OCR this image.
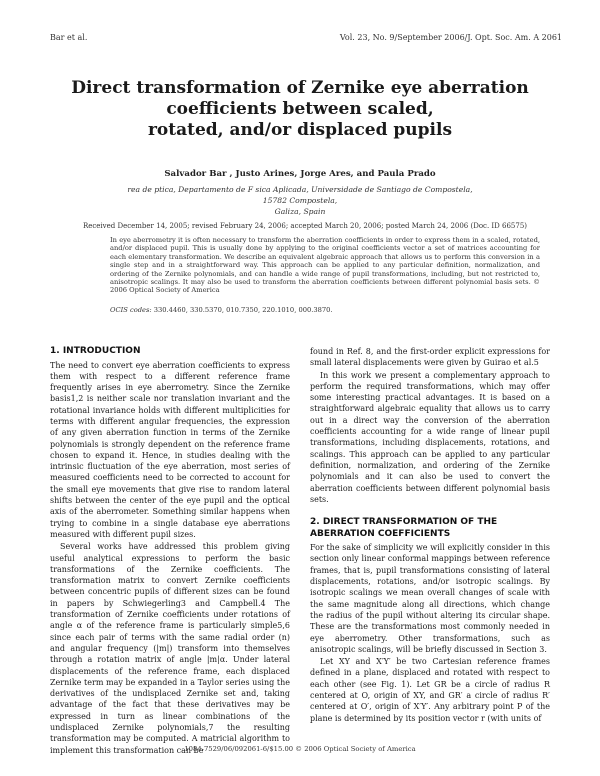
Bar et al.	Vol. 23, No. 9/September 2006/J. Opt. Soc. Am. A 2061
Direct transformation of Zernike eye aberration
coefficients between scaled,
rotated, and/or displaced pupils
Salvador Bar , Justo Arines, Jorge Ares, and Paula Prado
rea de ptica, Departamento de F sica Aplicada, Universidade de Santiago de Compostela, 15782 Compostela,
Galiza, Spain
Received December 14, 2005; revised February 24, 2006; accepted March 20, 2006; posted March 24, 2006 (Doc. ID 66575)
In eye aberrometry it is often necessary to transform the aberration coefficients in order to express them in a scaled, rotated, and/or displaced pupil. This is usually done by applying to the original coefficients vector a set of matrices accounting for each elementary transformation. We describe an equivalent algebraic approach that allows us to perform this conversion in a single step and in a straightforward way. This approach can be applied to any particular definition, normalization, and ordering of the Zernike polynomials, and can handle a wide range of pupil transformations, including, but not restricted to, anisotropic scalings. It may also be used to transform the aberration coefficients between different polynomial basis sets. © 2006 Optical Society of America
OCIS codes: 330.4460, 330.5370, 010.7350, 220.1010, 000.3870.
1. INTRODUCTION

The need to convert eye aberration coefficients to express them with respect to a different reference frame frequently arises in eye aberrometry. Since the Zernike basis1,2 is neither scale nor translation invariant and the rotational invariance holds with different multiplicities for terms with different angular frequencies, the expression of any given aberration function in terms of the Zernike polynomials is strongly dependent on the reference frame chosen to expand it. Hence, in studies dealing with the intrinsic fluctuation of the eye aberration, most series of measured coefficients need to be corrected to account for the small eye movements that give rise to random lateral shifts between the center of the eye pupil and the optical axis of the aberrometer. Something similar happens when trying to combine in a single database eye aberrations measured with different pupil sizes.

Several works have addressed this problem giving useful analytical expressions to perform the basic transformations of the Zernike coefficients. The transformation matrix to convert Zernike coefficients between concentric pupils of different sizes can be found in papers by Schwiegerling3 and Campbell.4 The transformation of Zernike coefficients under rotations of angle α of the reference frame is particularly simple5,6 since each pair of terms with the same radial order (n) and angular frequency (|m|) transform into themselves through a rotation matrix of angle |m|α. Under lateral displacements of the reference frame, each displaced Zernike term may be expanded in a Taylor series using the derivatives of the undisplaced Zernike set and, taking advantage of the fact that these derivatives may be expressed in turn as linear combinations of the undisplaced Zernike polynomials,7 the resulting transformation may be computed. A matricial algorithm to implement this transformation can be

found in Ref. 8, and the first-order explicit expressions for small lateral displacements were given by Guirao et al.5

In this work we present a complementary approach to perform the required transformations, which may offer some interesting practical advantages. It is based on a straightforward algebraic equality that allows us to carry out in a direct way the conversion of the aberration coefficients accounting for a wide range of linear pupil transformations, including displacements, rotations, and scalings. This approach can be applied to any particular definition, normalization, and ordering of the Zernike polynomials and it can also be used to convert the aberration coefficients between different polynomial basis sets.

2. DIRECT TRANSFORMATION OF THE
ABERRATION COEFFICIENTS

For the sake of simplicity we will explicitly consider in this section only linear conformal mappings between reference frames, that is, pupil transformations consisting of lateral displacements, rotations, and/or isotropic scalings. By isotropic scalings we mean overall changes of scale with the same magnitude along all directions, which change the radius of the pupil without altering its circular shape. These are the transformations most commonly needed in eye aberrometry. Other transformations, such as anisotropic scalings, will be briefly discussed in Section 3.

Let XY and X′Y′ be two Cartesian reference frames defined in a plane, displaced and rotated with respect to each other (see Fig. 1). Let GR be a circle of radius R centered at O, origin of XY, and GR′ a circle of radius R′ centered at O′, origin of X′Y′. Any arbitrary point P of the plane is determined by its position vector r (with units of

1084-7529/06/092061-6/$15.00 © 2006 Optical Society of America
